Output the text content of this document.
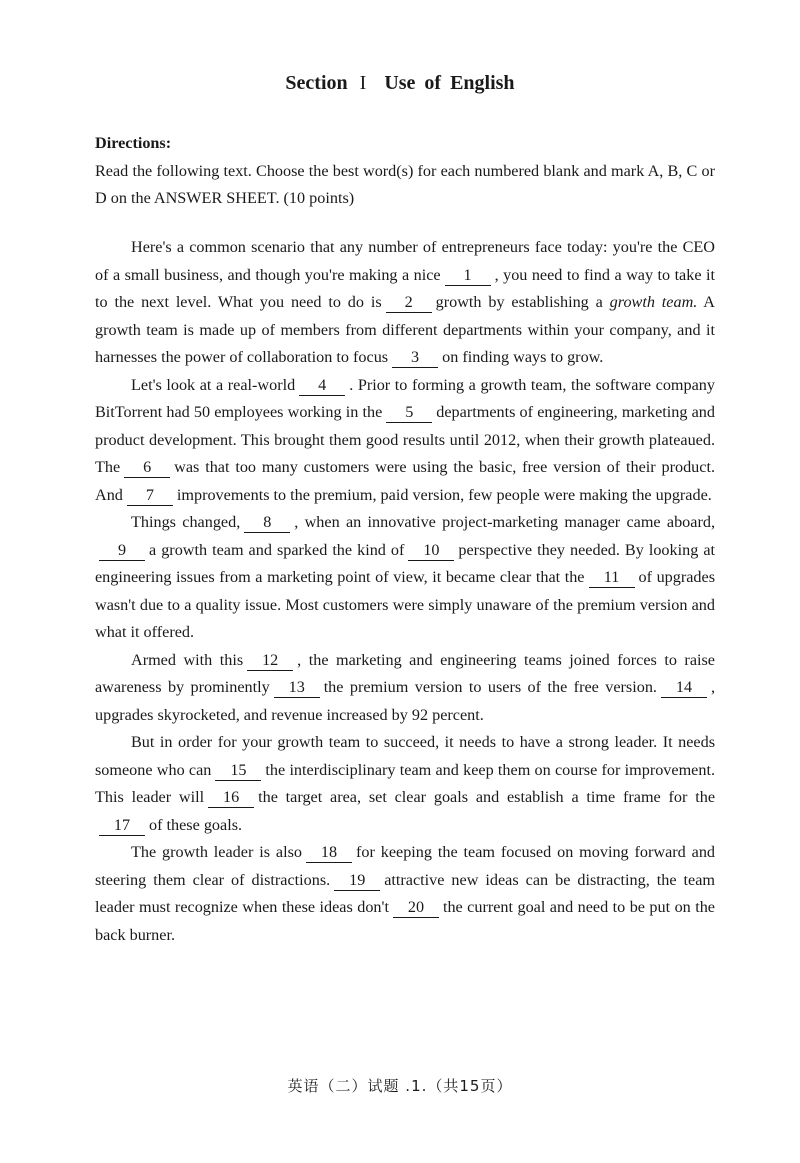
Section I Use of English
Directions:
Read the following text. Choose the best word(s) for each numbered blank and mark A, B, C or D on the ANSWER SHEET. (10 points)

Here's a common scenario that any number of entrepreneurs face today: you're the CEO of a small business, and though you're making a nice 1 , you need to find a way to take it to the next level. What you need to do is 2 growth by establishing a growth team. A growth team is made up of members from different departments within your company, and it harnesses the power of collaboration to focus 3 on finding ways to grow.

Let's look at a real-world 4 . Prior to forming a growth team, the software company BitTorrent had 50 employees working in the 5 departments of engineering, marketing and product development. This brought them good results until 2012, when their growth plateaued. The 6 was that too many customers were using the basic, free version of their product. And 7 improvements to the premium, paid version, few people were making the upgrade.

Things changed, 8 , when an innovative project-marketing manager came aboard,9 a growth team and sparked the kind of 10 perspective they needed. By looking at engineering issues from a marketing point of view, it became clear that the 11 of upgrades wasn't due to a quality issue. Most customers were simply unaware of the premium version and what it offered.

Armed with this 12 , the marketing and engineering teams joined forces to raise awareness by prominently 13 the premium version to users of the free version. 14 , upgrades skyrocketed, and revenue increased by 92 percent.

But in order for your growth team to succeed, it needs to have a strong leader. It needs someone who can 15 the interdisciplinary team and keep them on course for improvement. This leader will 16 the target area, set clear goals and establish a time frame for the17 of these goals.

The growth leader is also 18 for keeping the team focused on moving forward and steering them clear of distractions. 19 attractive new ideas can be distracting, the team leader must recognize when these ideas don't 20 the current goal and need to be put on the back burner.

英语（二）试题 .1.（共15页）
